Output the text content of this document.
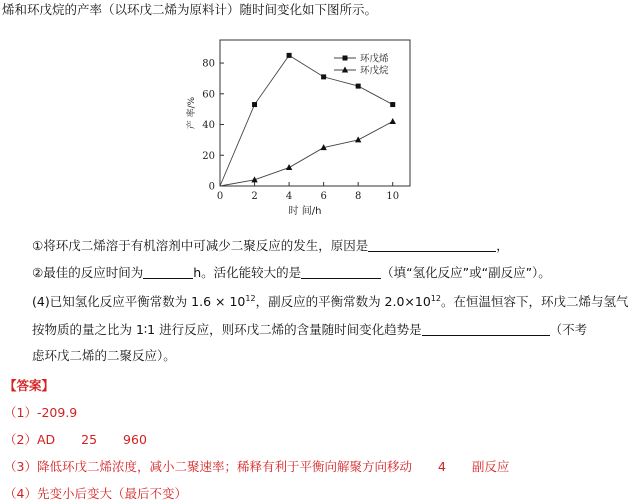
烯和环戊烷的产率（以环戊二烯为原料计）随时间变化如下图所示。
0
20
40
60
80
0	2	4	6	8 10
时 间/h
产 率/%
环戊烯
环戊烷
①将环戊二烯溶于有机溶剂中可减少二聚反应的发生，原因是	，
②最佳的反应时间为	h。活化能较大的是	（填“氢化反应”或“副反应”）。
(4)已知氢化反应平衡常数为 $1.6 \times 10^{12}$，副反应的平衡常数为 $2.0\times 10^{12}$。在恒温恒容下，环戊二烯与氢气
按物质的量之比为 1∶1 进行反应，则环戊二烯的含量随时间变化趋势是	（不考
虑环戊二烯的二聚反应）。
【答案】
（1）-209.9
（2）AD 25 960
（3）降低环戊二烯浓度，减小二聚速率；稀释有利于平衡向解聚方向移动 4 副反应
（4）先变小后变大（最后不变）
